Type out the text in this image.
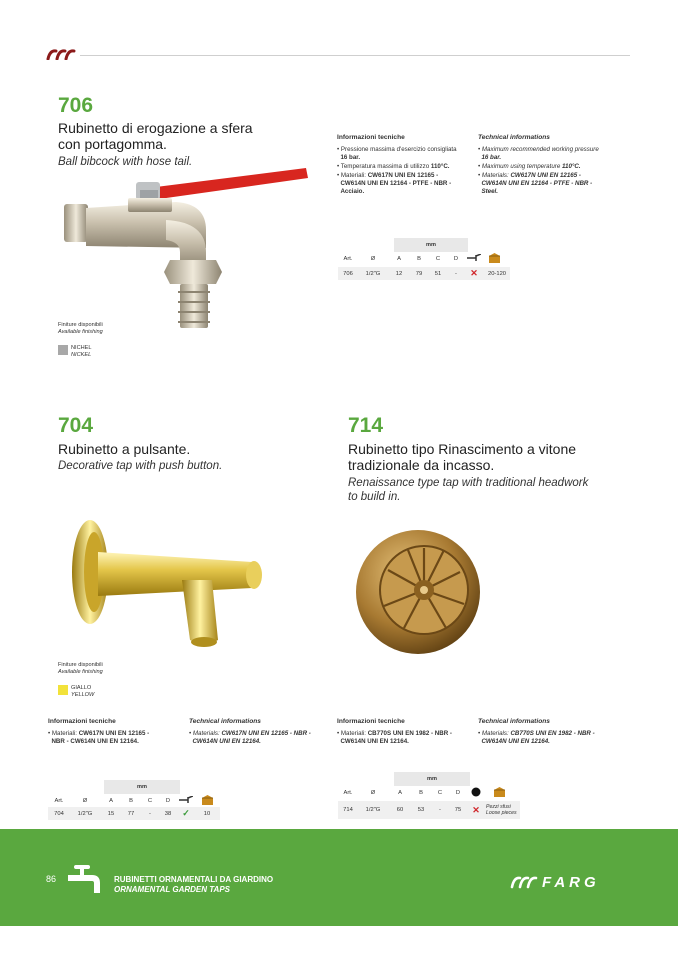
706
Rubinetto di erogazione a sfera
con portagomma.
Ball bibcock with hose tail.
Finiture disponibili
Available finishing
NICHEL
NICKEL
Informazioni tecniche

• Pressione massima d'esercizio consigliata
16 bar.

• Temperatura massima di utilizzo 110°C.

• Materiali: CW617N UNI EN 12165 -
CW614N UNI EN 12164 - PTFE - NBR -
Acciaio.

Technical informations

• Maximum recommended working pressure
16 bar.

• Maximum using temperature 110°C.

• Materials: CW617N UNI EN 12165 -
CW614N UNI EN 12164 - PTFE - NBR -
Steel.

mm
Art.	Ø	A	B	C	D
706	1/2"G	12	79	51	-	✕	20-120
704
Rubinetto a pulsante.
Decorative tap with push button.
Finiture disponibili
Available finishing
GIALLO
YELLOW
Informazioni tecniche

• Materiali: CW617N UNI EN 12165 -
NBR - CW614N UNI EN 12164.

Technical informations

• Materials: CW617N UNI EN 12165 - NBR -
CW614N UNI EN 12164.

mm
Art.	Ø	A	B	C	D
704	1/2"G	15	77	-	38	✓	10
714
Rubinetto tipo Rinascimento a vitone
tradizionale da incasso.
Renaissance type tap with traditional headwork
to build in.
Informazioni tecniche

• Materiali: CB770S UNI EN 1982 - NBR -
CW614N UNI EN 12164.

Technical informations

• Materials: CB770S UNI EN 1982 - NBR -
CW614N UNI EN 12164.

mm
Art.	Ø	A	B	C	D
714	1/2"G	60	53	-	75	✕	Pezzi sfusi
Loose pieces
86	RUBINETTI ORNAMENTALI DA GIARDINO
ORNAMENTAL GARDEN TAPS	FARG
